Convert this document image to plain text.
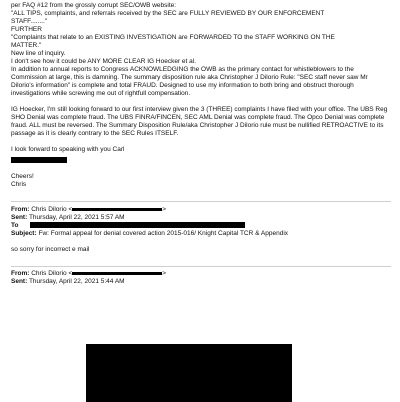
per FAQ #12 from the grossly corrupt SEC/OWB website:
"ALL TIPS, complaints, and referrals received by the SEC are FULLY REVIEWED BY OUR ENFORCEMENT
STAFF........"
FURTHER
"Complaints that relate to an EXISTING INVESTIGATION are FORWARDED TO the STAFF WORKING ON THE
MATTER."
New line of inquiry.
I don't see how it could be ANY MORE CLEAR IG Hoecker et al.
In addition to annual reports to Congress ACKNOWLEDGING the OWB as the primary contact for whistleblowers to the Commission at large, this is damning. The summary disposition rule aka Christopher J Dilorio Rule: "SEC staff never saw Mr Dilorio's information" is complete and total FRAUD. Designed to use my information to both bring and obstruct thorough investigations while screwing me out of rightfull compensation.
IG Hoecker, I'm still looking forward to our first interview given the 3 (THREE) complaints I have filed with your office. The UBS Reg SHO Denial was complete fraud. The UBS FINRA/FINCEN, SEC AML Denial was complete fraud. The Opco Denial was complete fraud. ALL must be reversed. The Summary Disposition Rule/aka Christopher J Dilorio rule must be nullified RETROACTIVE to its passage as it is clearly contrary to the SEC Rules ITSELF.
I look forward to speaking with you Carl
Cheers!
Chris
From: Chris Dilorio <	>
Sent: Thursday, April 22, 2021 5:57 AM
To
Subject: Fw: Formal appeal for denial covered action 2015-016/ Knight Capital TCR & Appendix
so sorry for incorrect e mail
From: Chris Dilorio <	>
Sent: Thursday, April 22, 2021 5:44 AM
